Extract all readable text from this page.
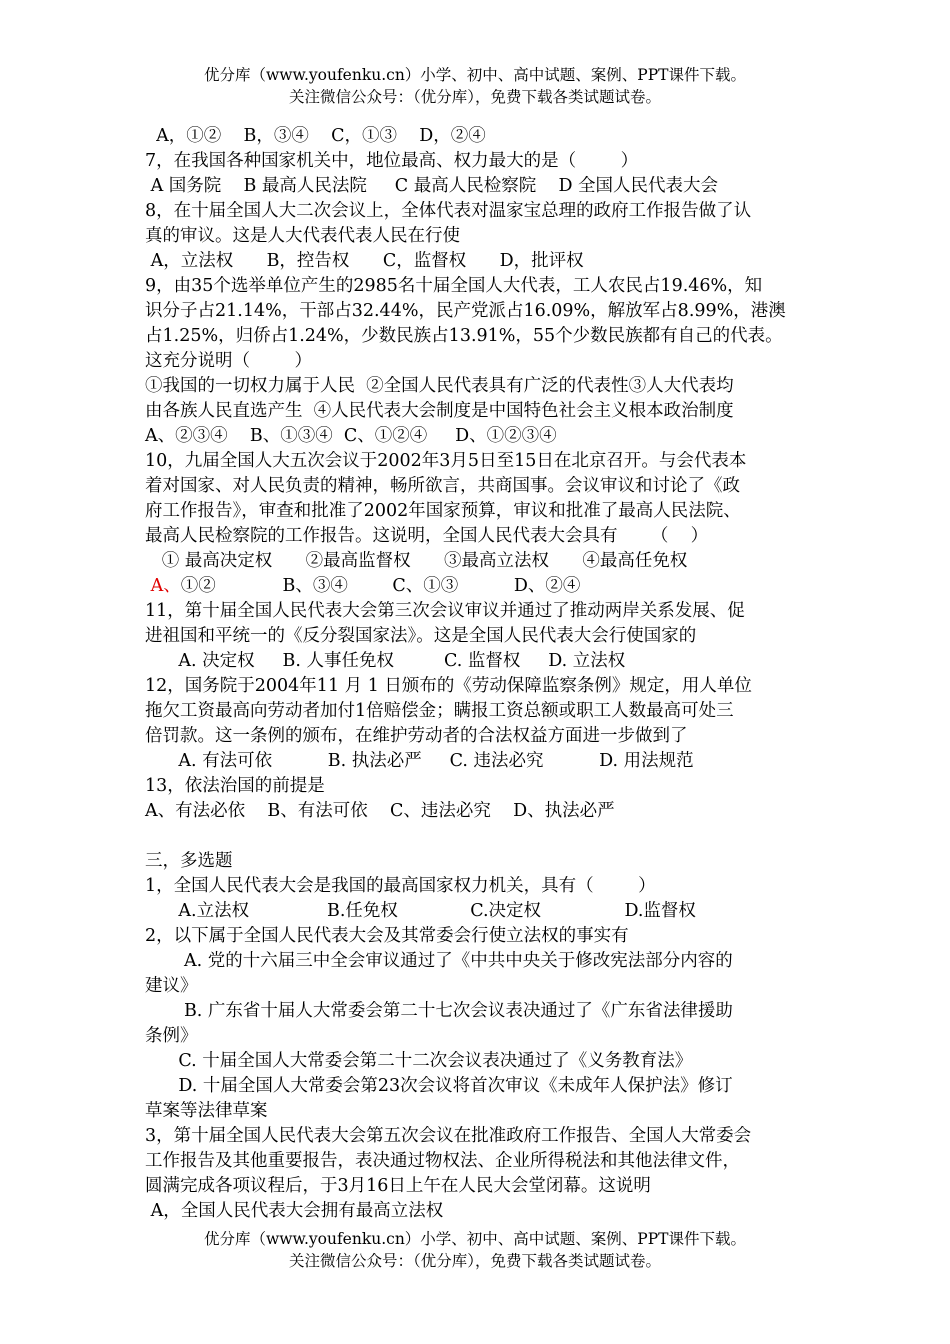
优分库（www.youfenku.cn）小学、初中、高中试题、案例、PPT课件下载。
关注微信公众号：（优分库），免费下载各类试题试卷。
A，①②    B，③④    C，①③    D，②④
7，在我国各种国家机关中，地位最高、权力最大的是（        ）
A 国务院    B 最高人民法院     C 最高人民检察院    D 全国人民代表大会
8，在十届全国人大二次会议上，全体代表对温家宝总理的政府工作报告做了认
真的审议。这是人大代表代表人民在行使
A，立法权      B，控告权      C，监督权      D，批评权
9，由35个选举单位产生的2985名十届全国人大代表，工人农民占19.46%，知
识分子占21.14%，干部占32.44%，民产党派占16.09%，解放军占8.99%，港澳
占1.25%，归侨占1.24%，少数民族占13.91%，55个少数民族都有自己的代表。
这充分说明（        ）
①我国的一切权力属于人民  ②全国人民代表具有广泛的代表性③人大代表均
由各族人民直选产生  ④人民代表大会制度是中国特色社会主义根本政治制度
A、②③④    B、①③④  C、①②④     D、①②③④
10，九届全国人大五次会议于2002年3月5日至15日在北京召开。与会代表本
着对国家、对人民负责的精神，畅所欲言，共商国事。会议审议和讨论了《政
府工作报告》，审查和批准了2002年国家预算，审议和批准了最高人民法院、
最高人民检察院的工作报告。这说明，全国人民代表大会具有      （    ）
① 最高决定权      ②最高监督权      ③最高立法权      ④最高任免权
A、①②            B、③④        C、①③          D、②④
11，第十届全国人民代表大会第三次会议审议并通过了推动两岸关系发展、促
进祖国和平统一的《反分裂国家法》。这是全国人民代表大会行使国家的
A. 决定权     B. 人事任免权         C. 监督权     D. 立法权
12，国务院于2004年11 月 1 日颁布的《劳动保障监察条例》规定，用人单位
拖欠工资最高向劳动者加付1倍赔偿金；瞒报工资总额或职工人数最高可处三
倍罚款。这一条例的颁布，在维护劳动者的合法权益方面进一步做到了
A. 有法可依          B. 执法必严     C. 违法必究          D. 用法规范
13，依法治国的前提是
A、有法必依    B、有法可依    C、违法必究    D、执法必严
三，多选题
1，全国人民代表大会是我国的最高国家权力机关，具有（        ）
A.立法权              B.任免权             C.决定权               D.监督权
2，以下属于全国人民代表大会及其常委会行使立法权的事实有
A. 党的十六届三中全会审议通过了《中共中央关于修改宪法部分内容的
建议》
B. 广东省十届人大常委会第二十七次会议表决通过了《广东省法律援助
条例》
C. 十届全国人大常委会第二十二次会议表决通过了《义务教育法》
D. 十届全国人大常委会第23次会议将首次审议《未成年人保护法》修订
草案等法律草案
3，第十届全国人民代表大会第五次会议在批准政府工作报告、全国人大常委会
工作报告及其他重要报告，表决通过物权法、企业所得税法和其他法律文件，
圆满完成各项议程后，于3月16日上午在人民大会堂闭幕。这说明
A，全国人民代表大会拥有最高立法权
优分库（www.youfenku.cn）小学、初中、高中试题、案例、PPT课件下载。
关注微信公众号：（优分库），免费下载各类试题试卷。
